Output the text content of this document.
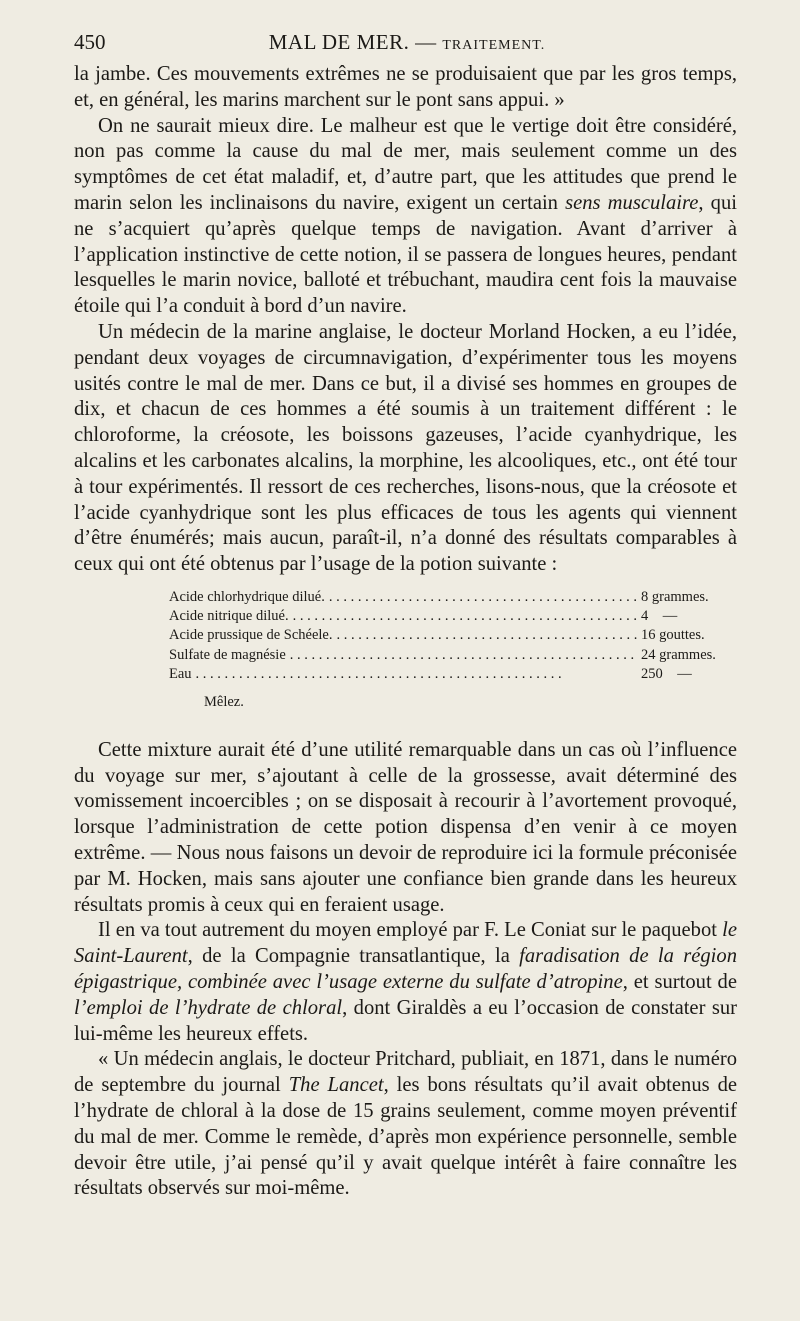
450	MAL DE MER. — TRAITEMENT.

la jambe. Ces mouvements extrêmes ne se produisaient que par les gros temps, et, en général, les marins marchent sur le pont sans appui. »

On ne saurait mieux dire. Le malheur est que le vertige doit être considéré, non pas comme la cause du mal de mer, mais seulement comme un des symptômes de cet état maladif, et, d’autre part, que les attitudes que prend le marin selon les inclinaisons du navire, exigent un certain sens musculaire, qui ne s’acquiert qu’après quelque temps de navigation. Avant d’arriver à l’application instinctive de cette notion, il se passera de longues heures, pendant lesquelles le marin novice, balloté et trébuchant, maudira cent fois la mauvaise étoile qui l’a conduit à bord d’un navire.

Un médecin de la marine anglaise, le docteur Morland Hocken, a eu l’idée, pendant deux voyages de circumnavigation, d’expérimenter tous les moyens usités contre le mal de mer. Dans ce but, il a divisé ses hommes en groupes de dix, et chacun de ces hommes a été soumis à un traitement différent : le chloroforme, la créosote, les boissons gazeuses, l’acide cyanhydrique, les alcalins et les carbonates alcalins, la morphine, les alcooliques, etc., ont été tour à tour expérimentés. Il ressort de ces recherches, lisons-nous, que la créosote et l’acide cyanhydrique sont les plus efficaces de tous les agents qui viennent d’être énumérés; mais aucun, paraît-il, n’a donné des résultats comparables à ceux qui ont été obtenus par l’usage de la potion suivante :

Acide chlorhydrique dilué. . . .	8 grammes.
Acide nitrique dilué. . . .	4    —
Acide prussique de Schéele. . . .	16 gouttes.
Sulfate de magnésie . . .	24 grammes.
Eau . . .	250    —
Mêlez.

Cette mixture aurait été d’une utilité remarquable dans un cas où l’influence du voyage sur mer, s’ajoutant à celle de la grossesse, avait déterminé des vomissement incoercibles ; on se disposait à recourir à l’avortement provoqué, lorsque l’administration de cette potion dispensa d’en venir à ce moyen extrême. — Nous nous faisons un devoir de reproduire ici la formule préconisée par M. Hocken, mais sans ajouter une confiance bien grande dans les heureux résultats promis à ceux qui en feraient usage.

Il en va tout autrement du moyen employé par F. Le Coniat sur le paquebot le Saint-Laurent, de la Compagnie transatlantique, la faradisation de la région épigastrique, combinée avec l’usage externe du sulfate d’atropine, et surtout de l’emploi de l’hydrate de chloral, dont Giraldès a eu l’occasion de constater sur lui-même les heureux effets.

« Un médecin anglais, le docteur Pritchard, publiait, en 1871, dans le numéro de septembre du journal The Lancet, les bons résultats qu’il avait obtenus de l’hydrate de chloral à la dose de 15 grains seulement, comme moyen préventif du mal de mer. Comme le remède, d’après mon expérience personnelle, semble devoir être utile, j’ai pensé qu’il y avait quelque intérêt à faire connaître les résultats observés sur moi-même.
